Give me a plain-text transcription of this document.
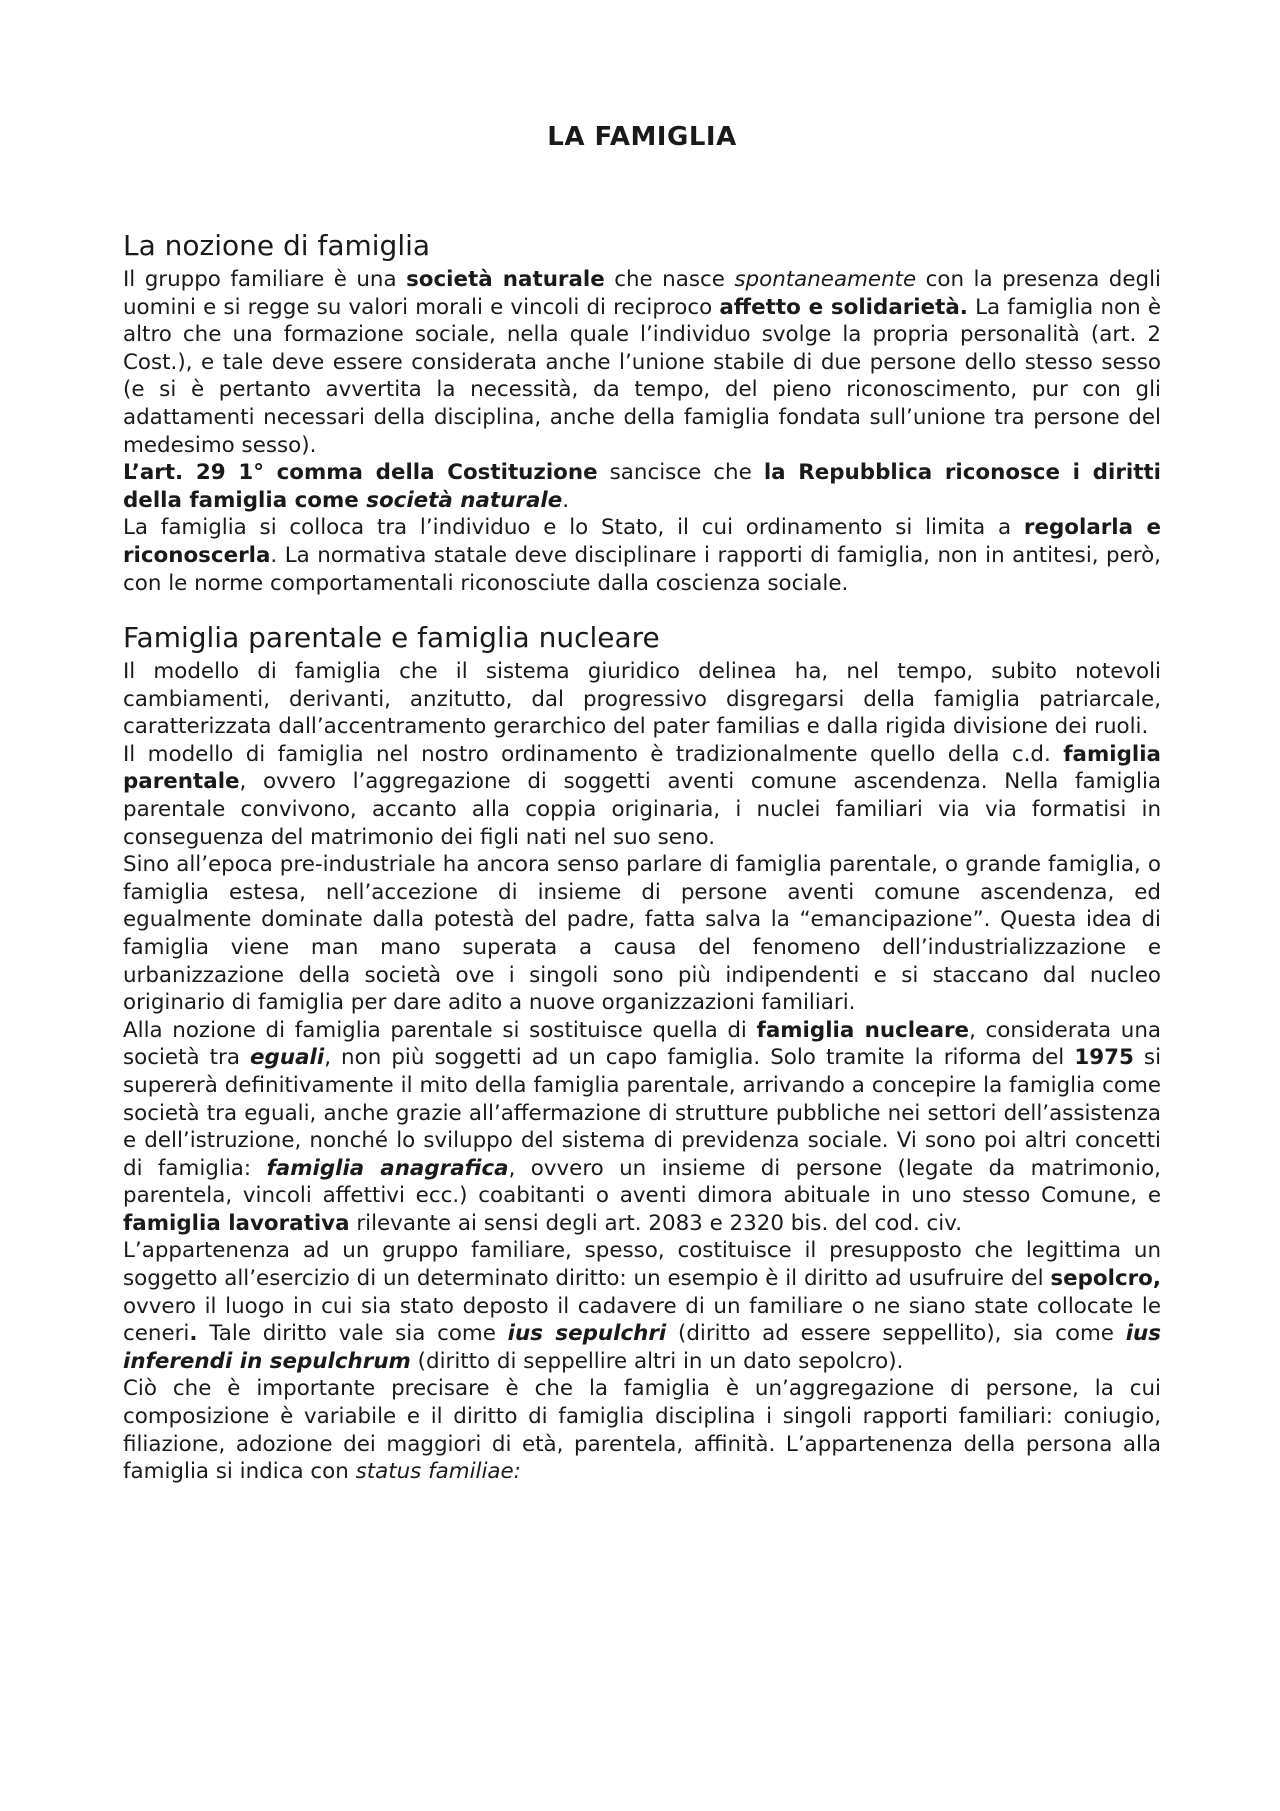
LA FAMIGLIA
La nozione di famiglia

Il gruppo familiare è una società naturale che nasce spontaneamente con la presenza degli uomini e si regge su valori morali e vincoli di reciproco affetto e solidarietà. La famiglia non è altro che una formazione sociale, nella quale l’individuo svolge la propria personalità (art. 2 Cost.), e tale deve essere considerata anche l’unione stabile di due persone dello stesso sesso (e si è pertanto avvertita la necessità, da tempo, del pieno riconoscimento, pur con gli adattamenti necessari della disciplina, anche della famiglia fondata sull’unione tra persone del medesimo sesso).

L’art. 29 1° comma della Costituzione sancisce che la Repubblica riconosce i diritti della famiglia come società naturale.

La famiglia si colloca tra l’individuo e lo Stato, il cui ordinamento si limita a regolarla e riconoscerla. La normativa statale deve disciplinare i rapporti di famiglia, non in antitesi, però, con le norme comportamentali riconosciute dalla coscienza sociale.

Famiglia parentale e famiglia nucleare

Il modello di famiglia che il sistema giuridico delinea ha, nel tempo, subito notevoli cambiamenti, derivanti, anzitutto, dal progressivo disgregarsi della famiglia patriarcale, caratterizzata dall’accentramento gerarchico del pater familias e dalla rigida divisione dei ruoli.

Il modello di famiglia nel nostro ordinamento è tradizionalmente quello della c.d. famiglia parentale, ovvero l’aggregazione di soggetti aventi comune ascendenza. Nella famiglia parentale convivono, accanto alla coppia originaria, i nuclei familiari via via formatisi in conseguenza del matrimonio dei figli nati nel suo seno.

Sino all’epoca pre-industriale ha ancora senso parlare di famiglia parentale, o grande famiglia, o famiglia estesa, nell’accezione di insieme di persone aventi comune ascendenza, ed egualmente dominate dalla potestà del padre, fatta salva la “emancipazione”. Questa idea di famiglia viene man mano superata a causa del fenomeno dell’industrializzazione e urbanizzazione della società ove i singoli sono più indipendenti e si staccano dal nucleo originario di famiglia per dare adito a nuove organizzazioni familiari.

Alla nozione di famiglia parentale si sostituisce quella di famiglia nucleare, considerata una società tra eguali, non più soggetti ad un capo famiglia. Solo tramite la riforma del 1975 si supererà definitivamente il mito della famiglia parentale, arrivando a concepire la famiglia come società tra eguali, anche grazie all’affermazione di strutture pubbliche nei settori dell’assistenza e dell’istruzione, nonché lo sviluppo del sistema di previdenza sociale. Vi sono poi altri concetti di famiglia: famiglia anagrafica, ovvero un insieme di persone (legate da matrimonio, parentela, vincoli affettivi ecc.) coabitanti o aventi dimora abituale in uno stesso Comune, e famiglia lavorativa rilevante ai sensi degli art. 2083 e 2320 bis. del cod. civ.

L’appartenenza ad un gruppo familiare, spesso, costituisce il presupposto che legittima un soggetto all’esercizio di un determinato diritto: un esempio è il diritto ad usufruire del sepolcro, ovvero il luogo in cui sia stato deposto il cadavere di un familiare o ne siano state collocate le ceneri. Tale diritto vale sia come ius sepulchri (diritto ad essere seppellito), sia come ius inferendi in sepulchrum (diritto di seppellire altri in un dato sepolcro).

Ciò che è importante precisare è che la famiglia è un’aggregazione di persone, la cui composizione è variabile e il diritto di famiglia disciplina i singoli rapporti familiari: coniugio, filiazione, adozione dei maggiori di età, parentela, affinità. L’appartenenza della persona alla famiglia si indica con status familiae:
